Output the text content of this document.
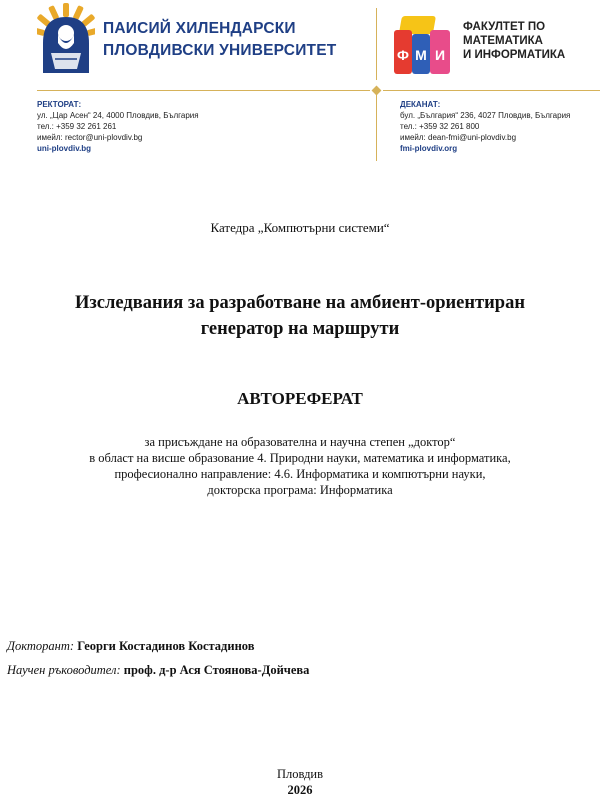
ПАИСИЙ ХИЛЕНДАРСКИ
ПЛОВДИВСКИ УНИВЕРСИТЕТ	Ф М И
ФАКУЛТЕТ ПО
МАТЕМАТИКА
И ИНФОРМАТИКА
РЕКТОРАТ:
ул. „Цар Асен“ 24, 4000 Пловдив, България
тел.: +359 32 261 261
имейл: rector@uni-plovdiv.bg
uni-plovdiv.bg
ДЕКАНАТ:
бул. „България“ 236, 4027 Пловдив, България
тел.: +359 32 261 800
имейл: dean-fmi@uni-plovdiv.bg
fmi-plovdiv.org
Катедра „Компютърни системи“
Изследвания за разработване на амбиент-ориентиран
генератор на маршрути
АВТОРЕФЕРАТ
за присъждане на образователна и научна степен „доктор“
в област на висше образование 4. Природни науки, математика и информатика,
професионално направление: 4.6. Информатика и компютърни науки,
докторска програма: Информатика
Докторант: Георги Костадинов Костадинов
Научен ръководител: проф. д-р Ася Стоянова-Дойчева
Пловдив
2026
